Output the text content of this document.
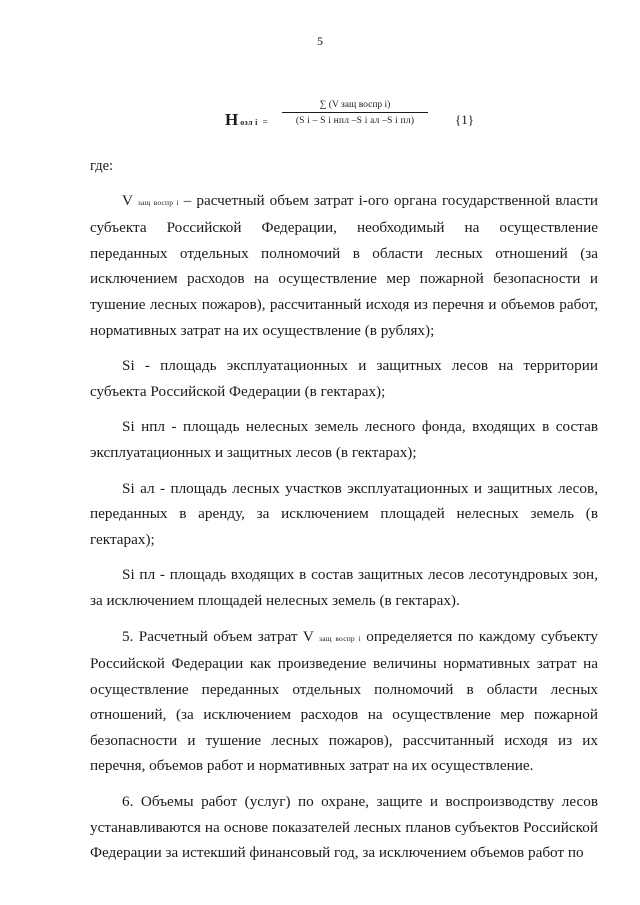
5
Нозл i =
∑ (V защ воспр i)
(S i – S i нпл –S i ал –S i пл)	{1}

где:

V защ воспр i – расчетный объем затрат i-ого органа государственной власти субъекта Российской Федерации, необходимый на осуществление переданных отдельных полномочий в области лесных отношений (за исключением расходов на осуществление мер пожарной безопасности и тушение лесных пожаров), рассчитанный исходя из перечня и объемов работ, нормативных затрат на их осуществление (в рублях);

Si - площадь эксплуатационных и защитных лесов на территории субъекта Российской Федерации (в гектарах);

Si нпл - площадь нелесных земель лесного фонда, входящих в состав эксплуатационных и защитных лесов (в гектарах);

Si ал - площадь лесных участков эксплуатационных и защитных лесов, переданных в аренду, за исключением площадей нелесных земель (в гектарах);

Si пл - площадь входящих в состав защитных лесов лесотундровых зон, за исключением площадей нелесных земель (в гектарах).

5. Расчетный объем затрат V защ воспр i определяется по каждому субъекту Российской Федерации как произведение величины нормативных затрат на осуществление переданных отдельных полномочий в области лесных отношений, (за исключением расходов на осуществление мер пожарной безопасности и тушение лесных пожаров), рассчитанный исходя из их перечня, объемов работ и нормативных затрат на их осуществление.

6. Объемы работ (услуг) по охране, защите и воспроизводству лесов устанавливаются на основе показателей лесных планов субъектов Российской Федерации за истекший финансовый год, за исключением объемов работ по
